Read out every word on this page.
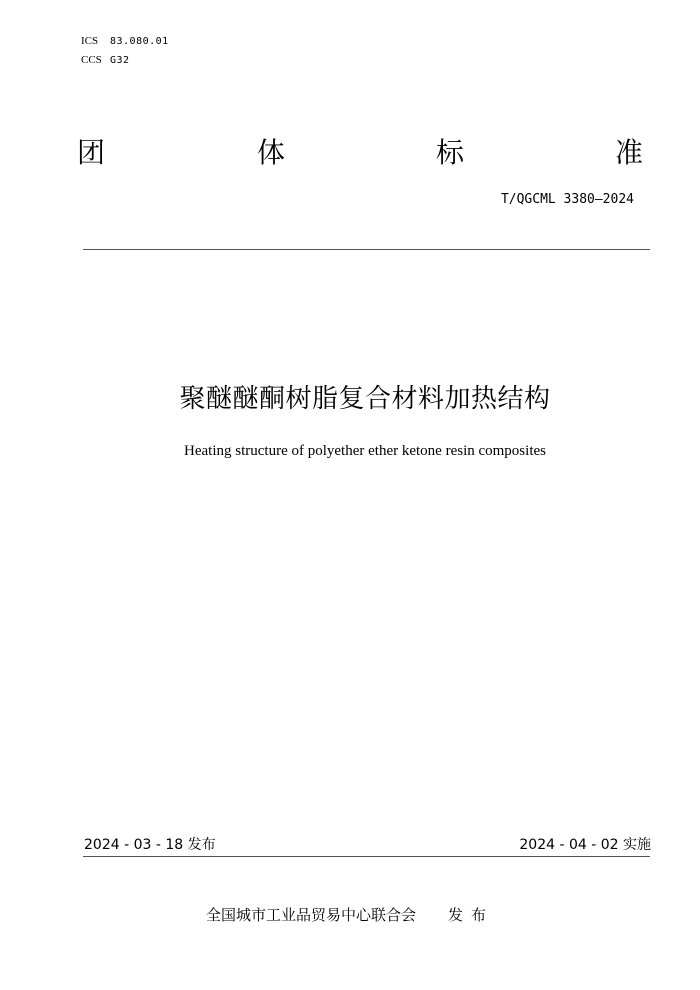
ICS 83.080.01
CCS G32
团	体	标	准
T/QGCML 3380—2024
聚醚醚酮树脂复合材料加热结构
Heating structure of polyether ether ketone resin composites
2024 - 03 - 18 发布	2024 - 04 - 02 实施
全国城市工业品贸易中心联合会 发布
